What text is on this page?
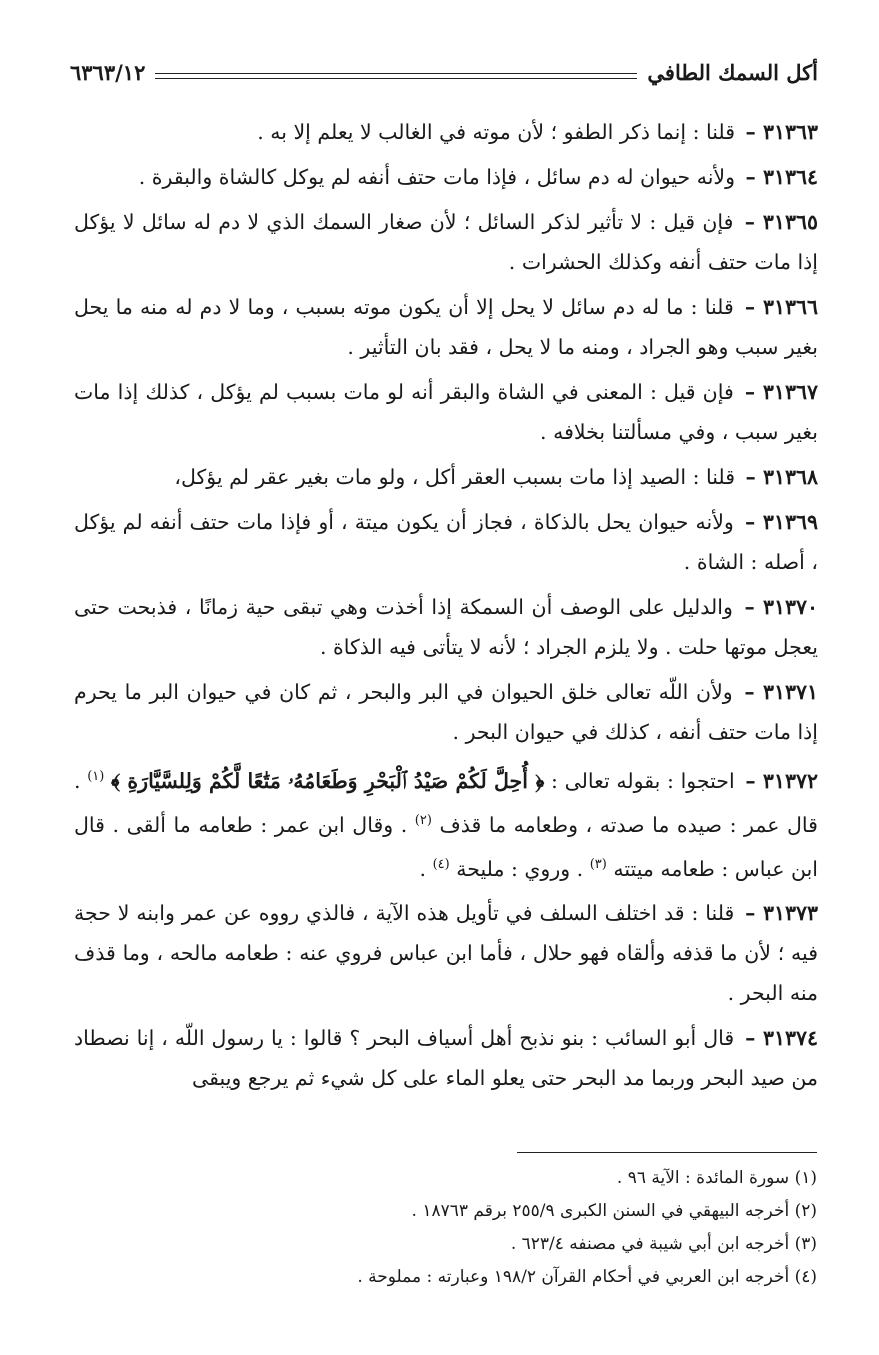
أكل السمك الطافي
٦٣٦٣/١٢

٣١٣٦٣ – قلنا : إنما ذكر الطفو ؛ لأن موته في الغالب لا يعلم إلا به .

٣١٣٦٤ – ولأنه حيوان له دم سائل ، فإذا مات حتف أنفه لم يوكل كالشاة والبقرة .

٣١٣٦٥ – فإن قيل : لا تأثير لذكر السائل ؛ لأن صغار السمك الذي لا دم له سائل لا يؤكل إذا مات حتف أنفه وكذلك الحشرات .

٣١٣٦٦ – قلنا : ما له دم سائل لا يحل إلا أن يكون موته بسبب ، وما لا دم له منه ما يحل بغير سبب وهو الجراد ، ومنه ما لا يحل ، فقد بان التأثير .

٣١٣٦٧ – فإن قيل : المعنى في الشاة والبقر أنه لو مات بسبب لم يؤكل ، كذلك إذا مات بغير سبب ، وفي مسألتنا بخلافه .

٣١٣٦٨ – قلنا : الصيد إذا مات بسبب العقر أكل ، ولو مات بغير عقر لم يؤكل،

٣١٣٦٩ – ولأنه حيوان يحل بالذكاة ، فجاز أن يكون ميتة ، أو فإذا مات حتف أنفه لم يؤكل ، أصله : الشاة .

٣١٣٧٠ – والدليل على الوصف أن السمكة إذا أخذت وهي تبقى حية زمانًا ، فذبحت حتى يعجل موتها حلت . ولا يلزم الجراد ؛ لأنه لا يتأتى فيه الذكاة .

٣١٣٧١ – ولأن اللّه تعالى خلق الحيوان في البر والبحر ، ثم كان في حيوان البر ما يحرم إذا مات حتف أنفه ، كذلك في حيوان البحر .

٣١٣٧٢ – احتجوا : بقوله تعالى : ﴿ أُحِلَّ لَكُمْ صَيْدُ ٱلْبَحْرِ وَطَعَامُهُۥ مَتَٰعًا لَّكُمْ وَلِلسَّيَّارَةِ ﴾ $^{(١)}$ . قال عمر : صيده ما صدته ، وطعامه ما قذف $^{(٢)}$ . وقال ابن عمر : طعامه ما ألقى . قال ابن عباس : طعامه ميتته $^{(٣)}$ . وروي : مليحة $^{(٤)}$ .

٣١٣٧٣ – قلنا : قد اختلف السلف في تأويل هذه الآية ، فالذي رووه عن عمر وابنه لا حجة فيه ؛ لأن ما قذفه وألقاه فهو حلال ، فأما ابن عباس فروي عنه : طعامه مالحه ، وما قذف منه البحر .

٣١٣٧٤ – قال أبو السائب : بنو نذبح أهل أسياف البحر ؟ قالوا : يا رسول اللّه ، إنا نصطاد من صيد البحر وربما مد البحر حتى يعلو الماء على كل شيء ثم يرجع ويبقى

(١) سورة المائدة : الآية ٩٦ .

(٢) أخرجه البيهقي في السنن الكبرى ٢٥٥/٩ برقم ١٨٧٦٣ .

(٣) أخرجه ابن أبي شيبة في مصنفه ٦٢٣/٤ .

(٤) أخرجه ابن العربي في أحكام القرآن ١٩٨/٢ وعبارته : مملوحة .
